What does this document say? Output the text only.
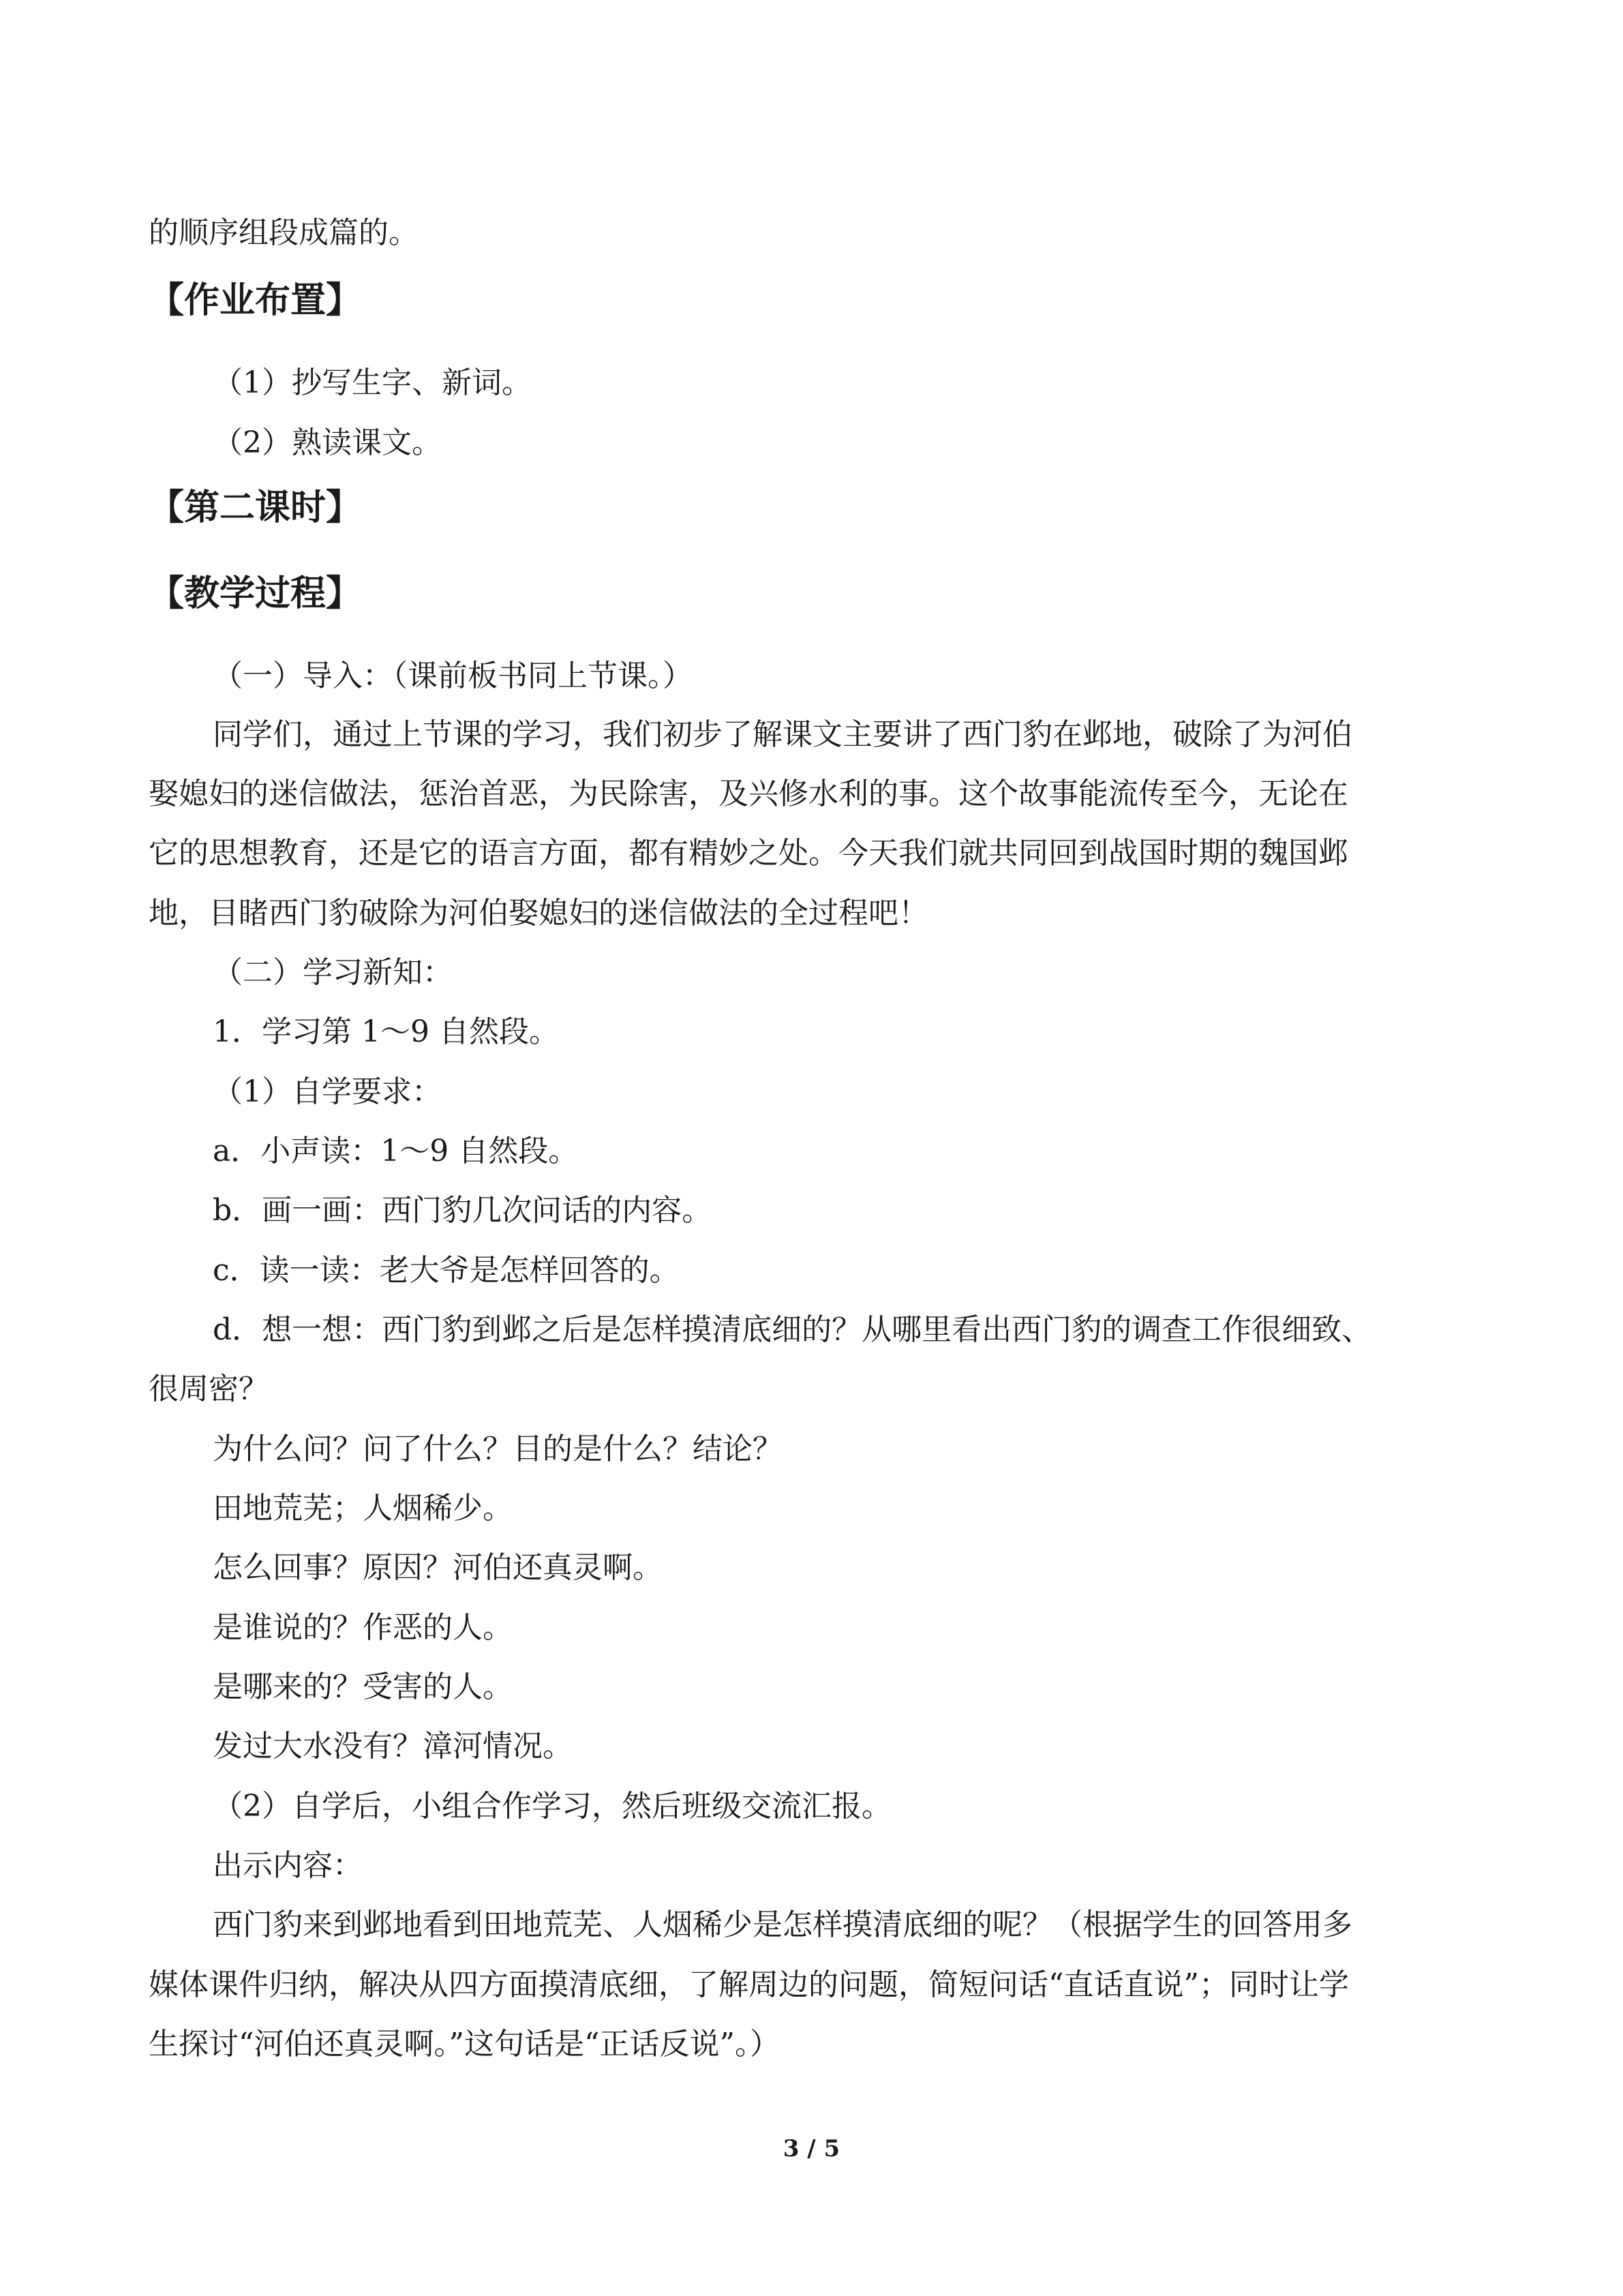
的顺序组段成篇的。
【作业布置】
（1）抄写生字、新词。
（2）熟读课文。
【第二课时】
【教学过程】
（一）导入：（课前板书同上节课。）
同学们，通过上节课的学习，我们初步了解课文主要讲了西门豹在邺地，破除了为河伯
娶媳妇的迷信做法，惩治首恶，为民除害，及兴修水利的事。这个故事能流传至今，无论在
它的思想教育，还是它的语言方面，都有精妙之处。今天我们就共同回到战国时期的魏国邺
地，目睹西门豹破除为河伯娶媳妇的迷信做法的全过程吧！
（二）学习新知：
1．学习第 1～9 自然段。
（1）自学要求：
a．小声读：1～9 自然段。
b．画一画：西门豹几次问话的内容。
c．读一读：老大爷是怎样回答的。
d．想一想：西门豹到邺之后是怎样摸清底细的？从哪里看出西门豹的调查工作很细致、
很周密？
为什么问？问了什么？目的是什么？结论？
田地荒芜；人烟稀少。
怎么回事？原因？河伯还真灵啊。
是谁说的？作恶的人。
是哪来的？受害的人。
发过大水没有？漳河情况。
（2）自学后，小组合作学习，然后班级交流汇报。
出示内容：
西门豹来到邺地看到田地荒芜、人烟稀少是怎样摸清底细的呢？（根据学生的回答用多
媒体课件归纳，解决从四方面摸清底细，了解周边的问题，简短问话“直话直说”；同时让学
生探讨“河伯还真灵啊。”这句话是“正话反说”。）
3 / 5
